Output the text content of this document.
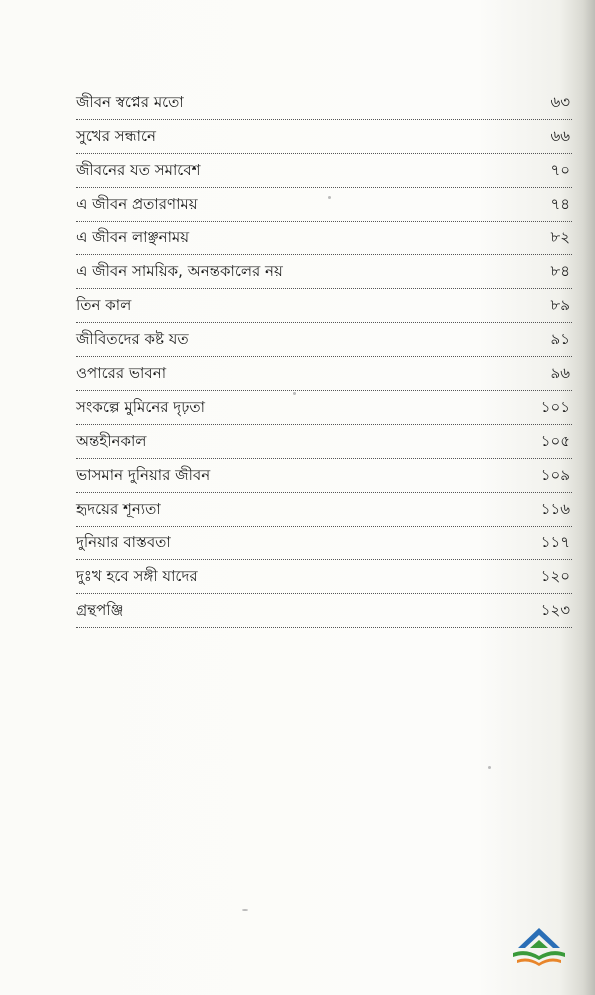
জীবন স্বপ্নের মতো	৬৩
সুখের সন্ধানে	৬৬
জীবনের যত সমাবেশ	৭০
এ জীবন প্রতারণাময়	৭৪
এ জীবন লাঞ্ছনাময়	৮২
এ জীবন সাময়িক, অনন্তকালের নয়	৮৪
তিন কাল	৮৯
জীবিতদের কষ্ট যত	৯১
ওপারের ভাবনা	৯৬
সংকল্পে মুমিনের দৃঢ়তা	১০১
অন্তহীনকাল	১০৫
ভাসমান দুনিয়ার জীবন	১০৯
হৃদয়ের শূন্যতা	১১৬
দুনিয়ার বাস্তবতা	১১৭
দুঃখ হবে সঙ্গী যাদের	১২০
গ্রন্থপঞ্জি	১২৩
